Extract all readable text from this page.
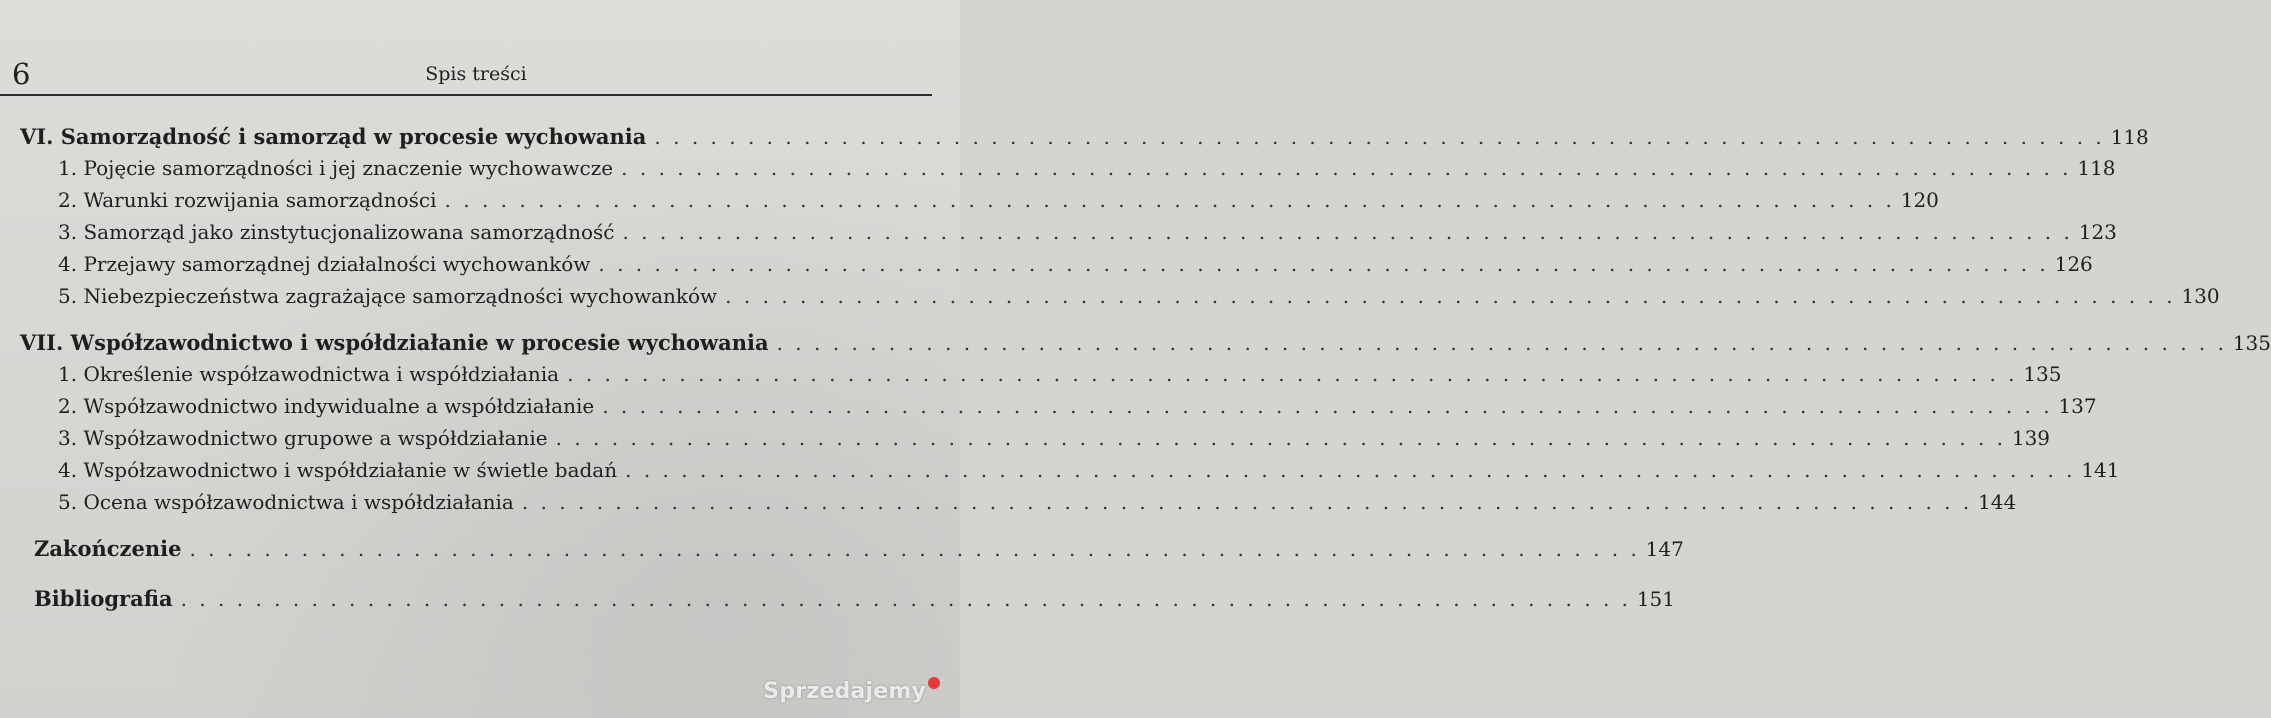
6	Spis treści
VI. Samorządność i samorząd w procesie wychowania . . . . . . . . . . . . . . . . . . . . . . . . . . . . . . . . . . . . . . . . . . . . . . . . . . . . . . . . . . . . . . . . . . . . . . . . . . . . . . 118
1. Pojęcie samorządności i jej znaczenie wychowawcze . . . . . . . . . . . . . . . . . . . . . . . . . . . . . . . . . . . . . . . . . . . . . . . . . . . . . . . . . . . . . . . . . . . . . . . . . . . . . . 118
2. Warunki rozwijania samorządności . . . . . . . . . . . . . . . . . . . . . . . . . . . . . . . . . . . . . . . . . . . . . . . . . . . . . . . . . . . . . . . . . . . . . . . . . . . . . . 120
3. Samorząd jako zinstytucjonalizowana samorządność . . . . . . . . . . . . . . . . . . . . . . . . . . . . . . . . . . . . . . . . . . . . . . . . . . . . . . . . . . . . . . . . . . . . . . . . . . . . . . 123
4. Przejawy samorządnej działalności wychowanków . . . . . . . . . . . . . . . . . . . . . . . . . . . . . . . . . . . . . . . . . . . . . . . . . . . . . . . . . . . . . . . . . . . . . . . . . . . . . . 126
5. Niebezpieczeństwa zagrażające samorządności wychowanków . . . . . . . . . . . . . . . . . . . . . . . . . . . . . . . . . . . . . . . . . . . . . . . . . . . . . . . . . . . . . . . . . . . . . . . . . . . . . . 130
VII. Współzawodnictwo i współdziałanie w procesie wychowania . . . . . . . . . . . . . . . . . . . . . . . . . . . . . . . . . . . . . . . . . . . . . . . . . . . . . . . . . . . . . . . . . . . . . . . . . . . . . . 135
1. Określenie współzawodnictwa i współdziałania . . . . . . . . . . . . . . . . . . . . . . . . . . . . . . . . . . . . . . . . . . . . . . . . . . . . . . . . . . . . . . . . . . . . . . . . . . . . . . 135
2. Współzawodnictwo indywidualne a współdziałanie . . . . . . . . . . . . . . . . . . . . . . . . . . . . . . . . . . . . . . . . . . . . . . . . . . . . . . . . . . . . . . . . . . . . . . . . . . . . . . 137
3. Współzawodnictwo grupowe a współdziałanie . . . . . . . . . . . . . . . . . . . . . . . . . . . . . . . . . . . . . . . . . . . . . . . . . . . . . . . . . . . . . . . . . . . . . . . . . . . . . . 139
4. Współzawodnictwo i współdziałanie w świetle badań . . . . . . . . . . . . . . . . . . . . . . . . . . . . . . . . . . . . . . . . . . . . . . . . . . . . . . . . . . . . . . . . . . . . . . . . . . . . . . 141
5. Ocena współzawodnictwa i współdziałania . . . . . . . . . . . . . . . . . . . . . . . . . . . . . . . . . . . . . . . . . . . . . . . . . . . . . . . . . . . . . . . . . . . . . . . . . . . . . . 144
Zakończenie . . . . . . . . . . . . . . . . . . . . . . . . . . . . . . . . . . . . . . . . . . . . . . . . . . . . . . . . . . . . . . . . . . . . . . . . . . . . . . 147
Bibliografia . . . . . . . . . . . . . . . . . . . . . . . . . . . . . . . . . . . . . . . . . . . . . . . . . . . . . . . . . . . . . . . . . . . . . . . . . . . . . . 151
Sprzedajemy
